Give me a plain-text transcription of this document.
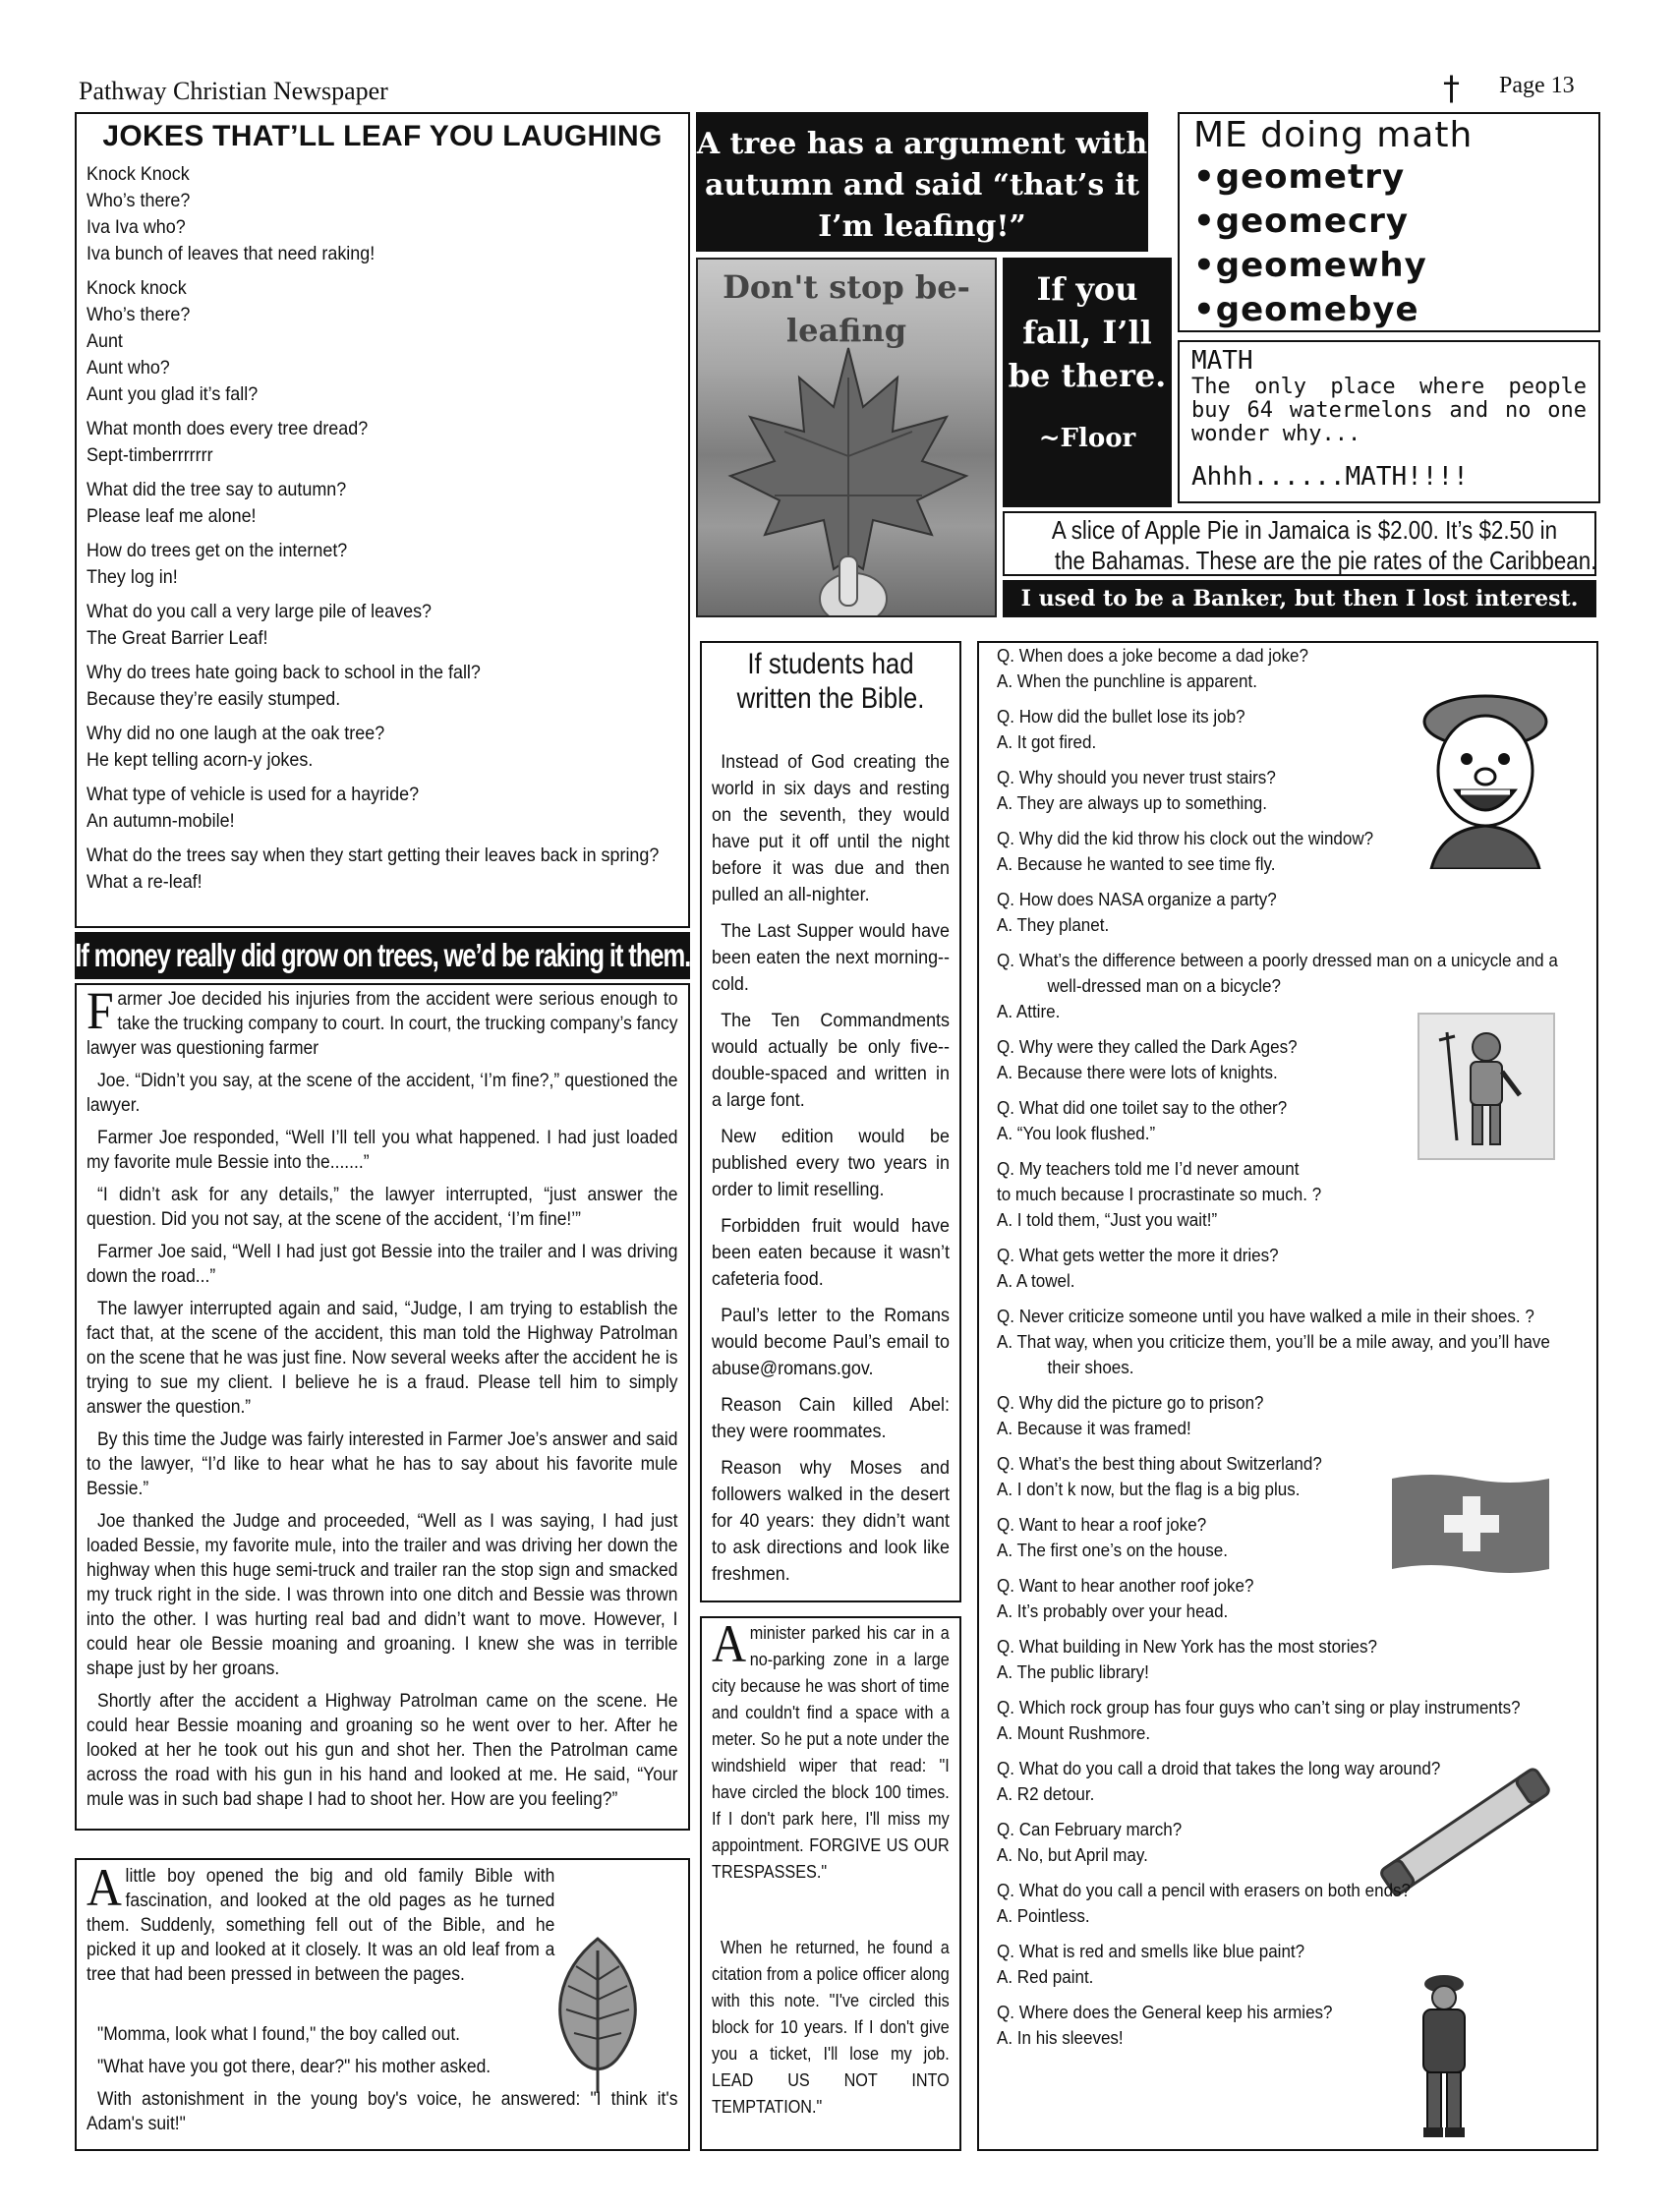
Pathway Christian Newspaper	† Page 13
JOKES THAT’LL LEAF YOU LAUGHING
Knock Knock
Who’s there?
Iva Iva who?
Iva bunch of leaves that need raking!
Knock knock
Who’s there?
Aunt
Aunt who?
Aunt you glad it’s fall?
What month does every tree dread?
Sept-timberrrrrrr
What did the tree say to autumn?
Please leaf me alone!
How do trees get on the internet?
They log in!
What do you call a very large pile of leaves?
The Great Barrier Leaf!
Why do trees hate going back to school in the fall?
Because they’re easily stumped.
Why did no one laugh at the oak tree?
He kept telling acorn-y jokes.
What type of vehicle is used for a hayride?
An autumn-mobile!
What do the trees say when they start getting their leaves back in spring?
What a re-leaf!
If money really did grow on trees, we’d be raking it them.

Farmer Joe decided his injuries from the accident were serious enough to take the trucking company to court. In court, the trucking company’s fancy lawyer was questioning farmer

Joe. “Didn’t you say, at the scene of the accident, ‘I’m fine?,” questioned the lawyer.

Farmer Joe responded, “Well I’ll tell you what happened. I had just loaded my favorite mule Bessie into the.......”

“I didn’t ask for any details,” the lawyer interrupted, “just answer the question. Did you not say, at the scene of the accident, ‘I’m fine!’”

Farmer Joe said, “Well I had just got Bessie into the trailer and I was driving down the road...”

The lawyer interrupted again and said, “Judge, I am trying to establish the fact that, at the scene of the accident, this man told the Highway Patrolman on the scene that he was just fine. Now several weeks after the accident he is trying to sue my client. I believe he is a fraud. Please tell him to simply answer the question.”

By this time the Judge was fairly interested in Farmer Joe’s answer and said to the lawyer, “I’d like to hear what he has to say about his favorite mule Bessie.”

Joe thanked the Judge and proceeded, “Well as I was saying, I had just loaded Bessie, my favorite mule, into the trailer and was driving her down the highway when this huge semi-truck and trailer ran the stop sign and smacked my truck right in the side. I was thrown into one ditch and Bessie was thrown into the other. I was hurting real bad and didn’t want to move. However, I could hear ole Bessie moaning and groaning. I knew she was in terrible shape just by her groans.

Shortly after the accident a Highway Patrolman came on the scene. He could hear Bessie moaning and groaning so he went over to her. After he looked at her he took out his gun and shot her. Then the Patrolman came across the road with his gun in his hand and looked at me. He said, “Your mule was in such bad shape I had to shoot her. How are you feeling?”

Alittle boy opened the big and old family Bible with fascination, and looked at the old pages as he turned them. Suddenly, something fell out of the Bible, and he picked it up and looked at it closely. It was an old leaf from a tree that had been pressed in between the pages.

"Momma, look what I found," the boy called out.

"What have you got there, dear?" his mother asked.

With astonishment in the young boy's voice, he answered: "I think it's Adam's suit!"

A tree has a argument with autumn and said “that’s it I’m leafing!”
Don't stop be-leafing
If you fall, I’ll be there.
~Floor
ME doing math
•geometry
•geomecry
•geomewhy
•geomebye
MATH
The only place where people buy 64 watermelons and no one wonder why...
Ahhh......MATH!!!!
A slice of Apple Pie in Jamaica is $2.00. It’s $2.50 in
the Bahamas. These are the pie rates of the Caribbean.
I used to be a Banker, but then I lost interest.
If students had written the Bible.

Instead of God creating the world in six days and resting on the seventh, they would have put it off until the night before it was due and then pulled an all-nighter.

The Last Supper would have been eaten the next morning--cold.

The Ten Commandments would actually be only five--double-spaced and written in a large font.

New edition would be published every two years in order to limit reselling.

Forbidden fruit would have been eaten because it wasn’t cafeteria food.

Paul’s letter to the Romans would become Paul’s email to abuse@romans.gov.

Reason Cain killed Abel: they were roommates.

Reason why Moses and followers walked in the desert for 40 years: they didn’t want to ask directions and look like freshmen.

Aminister parked his car in a no-parking zone in a large city because he was short of time and couldn't find a space with a meter. So he put a note under the windshield wiper that read: "I have circled the block 100 times. If I don't park here, I'll miss my appointment. FORGIVE US OUR TRESPASSES."

When he returned, he found a citation from a police officer along with this note. "I've circled this block for 10 years. If I don't give you a ticket, I'll lose my job. LEAD US NOT INTO TEMPTATION."

Q. When does a joke become a dad joke?
A. When the punchline is apparent.
Q. How did the bullet lose its job?
A. It got fired.
Q. Why should you never trust stairs?
A. They are always up to something.
Q. Why did the kid throw his clock out the window?
A. Because he wanted to see time fly.
Q. How does NASA organize a party?
A. They planet.
Q. What’s the difference between a poorly dressed man on a unicycle and a
well-dressed man on a bicycle?
A. Attire.
Q. Why were they called the Dark Ages?
A. Because there were lots of knights.
Q. What did one toilet say to the other?
A. “You look flushed.”
Q. My teachers told me I’d never amount
to much because I procrastinate so much. ?
A. I told them, “Just you wait!”
Q. What gets wetter the more it dries?
A. A towel.
Q. Never criticize someone until you have walked a mile in their shoes. ?
A. That way, when you criticize them, you’ll be a mile away, and you’ll have
their shoes.
Q. Why did the picture go to prison?
A. Because it was framed!
Q. What’s the best thing about Switzerland?
A. I don’t k now, but the flag is a big plus.
Q. Want to hear a roof joke?
A. The first one’s on the house.
Q. Want to hear another roof joke?
A. It’s probably over your head.
Q. What building in New York has the most stories?
A. The public library!
Q. Which rock group has four guys who can’t sing or play instruments?
A. Mount Rushmore.
Q. What do you call a droid that takes the long way around?
A. R2 detour.
Q. Can February march?
A. No, but April may.
Q. What do you call a pencil with erasers on both ends?
A. Pointless.
Q. What is red and smells like blue paint?
A. Red paint.
Q. Where does the General keep his armies?
A. In his sleeves!
